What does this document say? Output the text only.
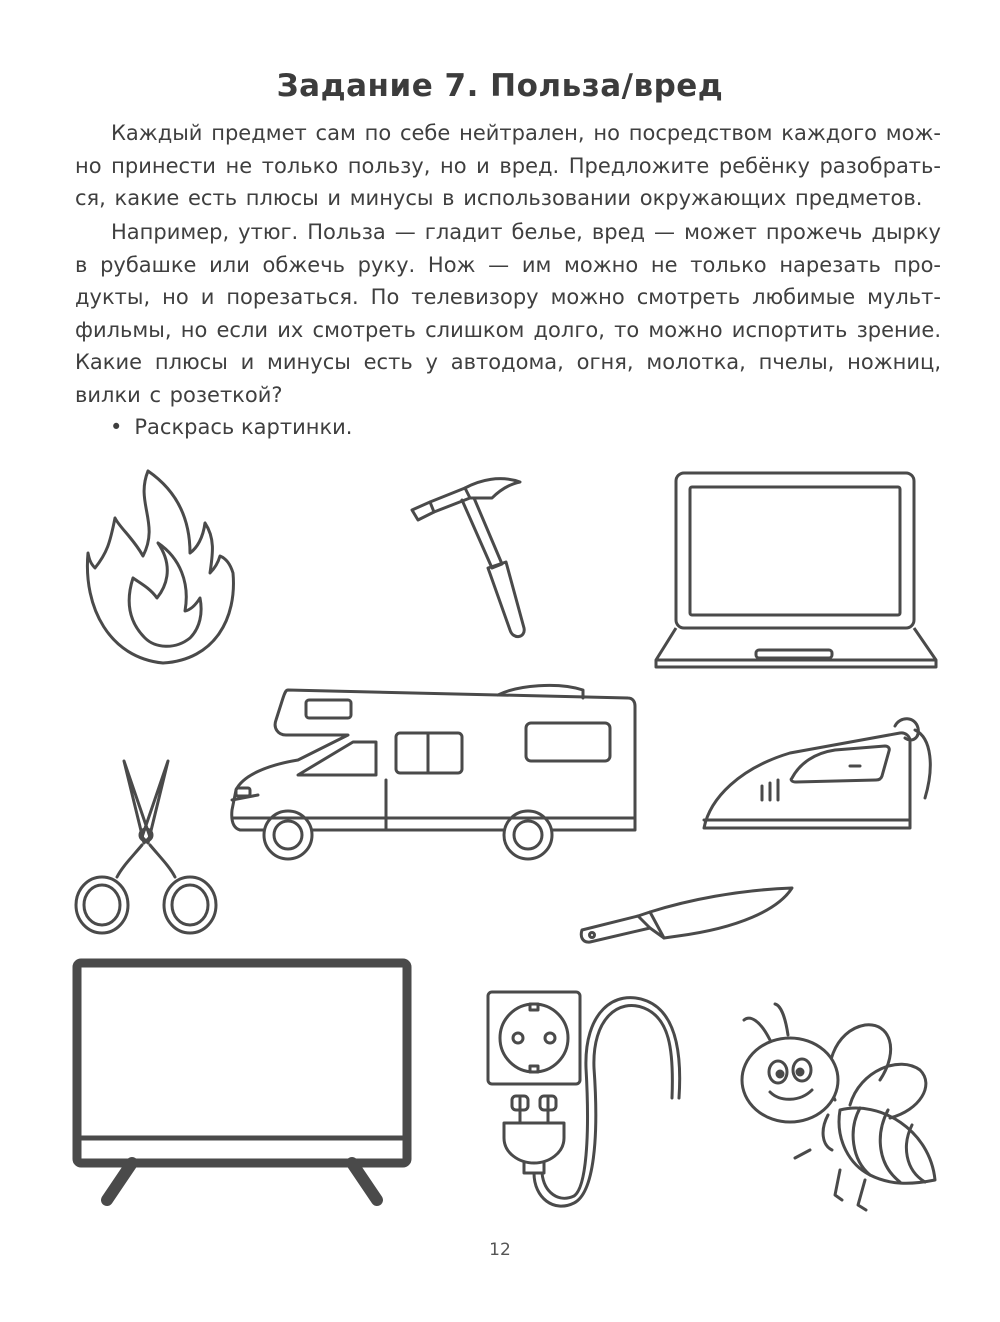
Задание 7. Польза/вред
Каждый предмет сам по себе нейтрален, но посредством каждого мож-но принести не только пользу, но и вред. Предложите ребёнку разобрать-ся, какие есть плюсы и минусы в использовании окружающих предметов.
Например, утюг. Польза — гладит белье, вред — может прожечь дырку в рубашке или обжечь руку. Нож — им можно не только нарезать про-дукты, но и порезаться. По телевизору можно смотреть любимые мульт-фильмы, но если их смотреть слишком долго, то можно испортить зрение. Какие плюсы и минусы есть у автодома, огня, молотка, пчелы, ножниц, вилки с розеткой?
• Раскрась картинки.
12
